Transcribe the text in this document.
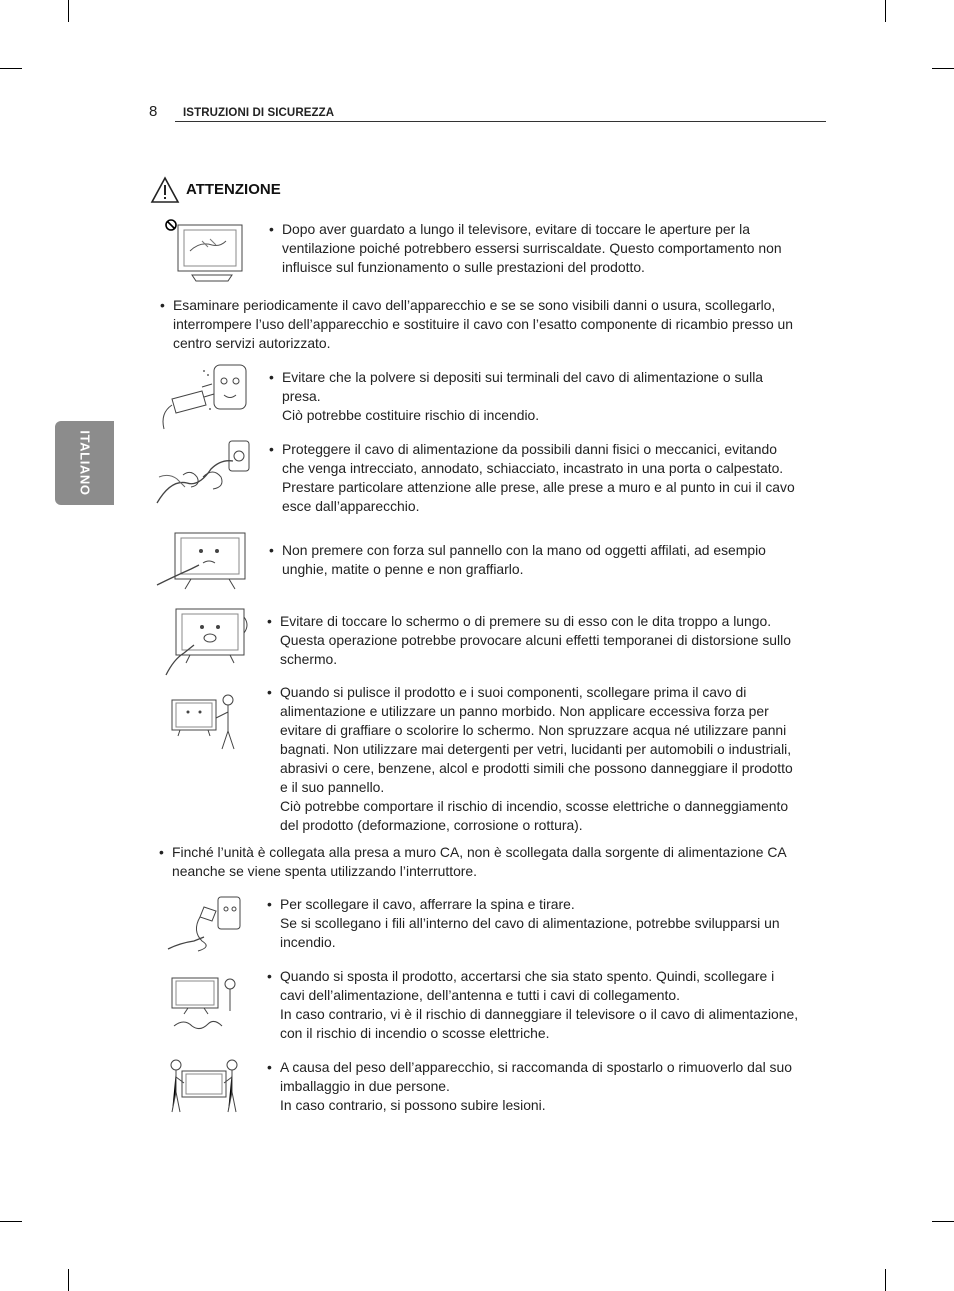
8 ISTRUZIONI DI SICUREZZA
ITALIANO
ATTENZIONE
• Dopo aver guardato a lungo il televisore, evitare di toccare le aperture per la
ventilazione poiché potrebbero essersi surriscaldate. Questo comportamento non
influisce sul funzionamento o sulle prestazioni del prodotto.
• Esaminare periodicamente il cavo dell’apparecchio e se se sono visibili danni o usura, scollegarlo,
interrompere l’uso dell’apparecchio e sostituire il cavo con l’esatto componente di ricambio presso un
centro servizi autorizzato.
• Evitare che la polvere si depositi sui terminali del cavo di alimentazione o sulla
presa.
Ciò potrebbe costituire rischio di incendio.
• Proteggere il cavo di alimentazione da possibili danni fisici o meccanici, evitando
che venga intrecciato, annodato, schiacciato, incastrato in una porta o calpestato.
Prestare particolare attenzione alle prese, alle prese a muro e al punto in cui il cavo
esce dall’apparecchio.
• Non premere con forza sul pannello con la mano od oggetti affilati, ad esempio
unghie, matite o penne e non graffiarlo.
• Evitare di toccare lo schermo o di premere su di esso con le dita troppo a lungo.
Questa operazione potrebbe provocare alcuni effetti temporanei di distorsione sullo
schermo.
• Quando si pulisce il prodotto e i suoi componenti, scollegare prima il cavo di
alimentazione e utilizzare un panno morbido. Non applicare eccessiva forza per
evitare di graffiare o scolorire lo schermo. Non spruzzare acqua né utilizzare panni
bagnati. Non utilizzare mai detergenti per vetri, lucidanti per automobili o industriali,
abrasivi o cere, benzene, alcol e prodotti simili che possono danneggiare il prodotto
e il suo pannello.
Ciò potrebbe comportare il rischio di incendio, scosse elettriche o danneggiamento
del prodotto (deformazione, corrosione o rottura).
• Finché l’unità è collegata alla presa a muro CA, non è scollegata dalla sorgente di alimentazione CA
neanche se viene spenta utilizzando l’interruttore.
• Per scollegare il cavo, afferrare la spina e tirare.
Se si scollegano i fili all’interno del cavo di alimentazione, potrebbe svilupparsi un
incendio.
• Quando si sposta il prodotto, accertarsi che sia stato spento. Quindi, scollegare i
cavi dell’alimentazione, dell’antenna e tutti i cavi di collegamento.
In caso contrario, vi è il rischio di danneggiare il televisore o il cavo di alimentazione,
con il rischio di incendio o scosse elettriche.
• A causa del peso dell’apparecchio, si raccomanda di spostarlo o rimuoverlo dal suo
imballaggio in due persone.
In caso contrario, si possono subire lesioni.
